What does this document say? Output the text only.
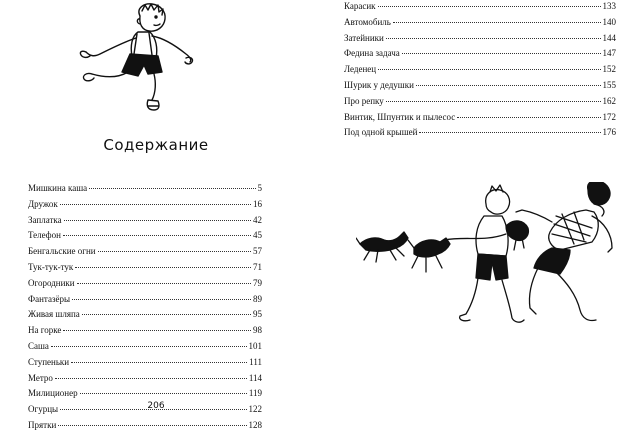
Содержание
Мишкина каша	5
Дружок	16
Заплатка	42
Телефон	45
Бенгальские огни	57
Тук-тук-тук	71
Огородники	79
Фантазёры	89
Живая шляпа	95
На горке	98
Саша	101
Ступеньки	111
Метро	114
Милиционер	119
Огурцы	122
Прятки	128
206
Карасик	133
Автомобиль	140
Затейники	144
Федина задача	147
Леденец	152
Шурик у дедушки	155
Про репку	162
Винтик, Шпунтик и пылесос	172
Под одной крышей	176
